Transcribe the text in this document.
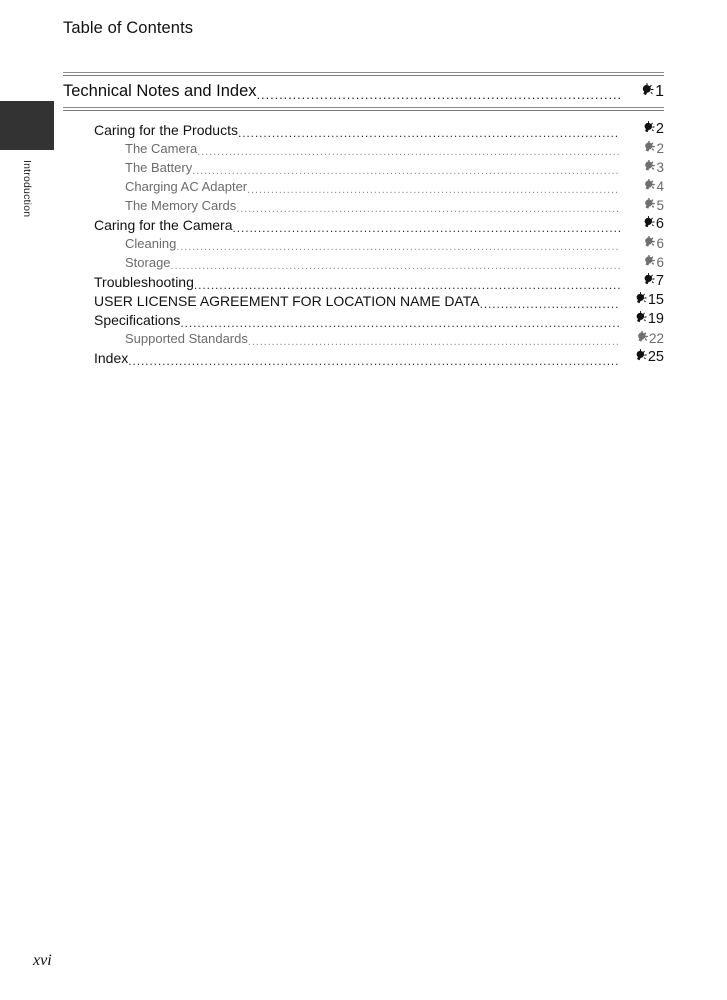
Introduction
Table of Contents
Technical Notes and Index .....	1
Caring for the Products .....	2
The Camera .....	2
The Battery .....	3
Charging AC Adapter .....	4
The Memory Cards .....	5
Caring for the Camera .....	6
Cleaning .....	6
Storage .....	6
Troubleshooting .....	7
USER LICENSE AGREEMENT FOR LOCATION NAME DATA .....	15
Specifications .....	19
Supported Standards .....	22
Index .....	25
xvi
